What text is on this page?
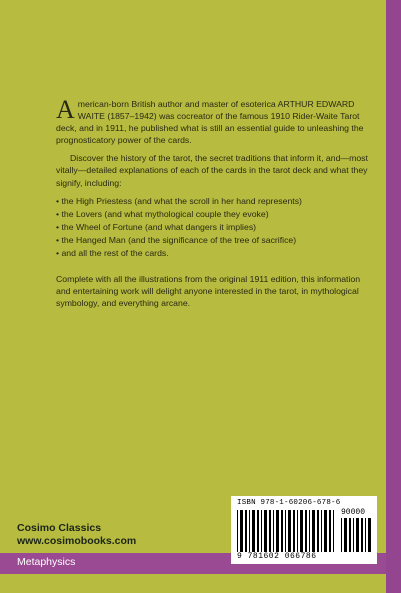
American-born British author and master of esoterica ARTHUR EDWARD WAITE (1857–1942) was cocreator of the famous 1910 Rider-Waite Tarot deck, and in 1911, he published what is still an essential guide to unleashing the prognosticatory power of the cards.

Discover the history of the tarot, the secret traditions that inform it, and—most vitally—detailed explanations of each of the cards in the tarot deck and what they signify, including:

• the High Priestess (and what the scroll in her hand represents)
• the Lovers (and what mythological couple they evoke)
• the Wheel of Fortune (and what dangers it implies)
• the Hanged Man (and the significance of the tree of sacrifice)
• and all the rest of the cards.

Complete with all the illustrations from the original 1911 edition, this information and entertaining work will delight anyone interested in the tarot, in mythological symbology, and everything arcane.

Cosimo Classics
www.cosimobooks.com
Metaphysics
ISBN 978-1-60206-678-6
90000
9 781602 066786
